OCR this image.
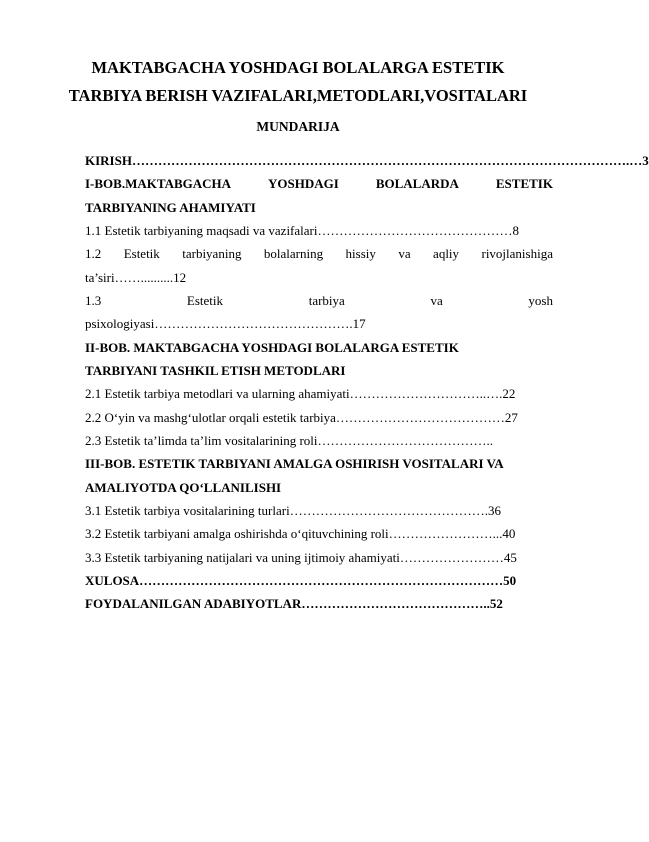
MAKTABGACHA YOSHDAGI BOLALARGA ESTETIK
TARBIYA BERISH VAZIFALARI,METODLARI,VOSITALARI
MUNDARIJA
KIRISH…………………………………………………………………………………………………….…3
I-BOB.MAKTABGACHA	YOSHDAGI	BOLALARDA	ESTETIK
TARBIYANING AHAMIYATI
1.1 Estetik tarbiyaning maqsadi va vazifalari………………………………………8
1.2 Estetik tarbiyaning bolalarning hissiy va aqliy rivojlanishiga
ta’siri……..........12
1.3	Estetik	tarbiya	va	yosh
psixologiyasi……………………………………….17
II-BOB. MAKTABGACHA YOSHDAGI BOLALARGA ESTETIK
TARBIYANI TASHKIL ETISH METODLARI
2.1 Estetik tarbiya metodlari va ularning ahamiyati…………………………..….22
2.2 O‘yin va mashg‘ulotlar orqali estetik tarbiya…………………………………27
2.3 Estetik ta’limda ta’lim vositalarining roli…………………………………..
III-BOB. ESTETIK TARBIYANI AMALGA OSHIRISH VOSITALARI VA
AMALIYOTDA QO‘LLANILISHI
3.1 Estetik tarbiya vositalarining turlari……………………………………….36
3.2 Estetik tarbiyani amalga oshirishda o‘qituvchining roli……………………...40
3.3 Estetik tarbiyaning natijalari va uning ijtimoiy ahamiyati……………………45
XULOSA…………………………………………………………………………50
FOYDALANILGAN ADABIYOTLAR……………………………………..52
